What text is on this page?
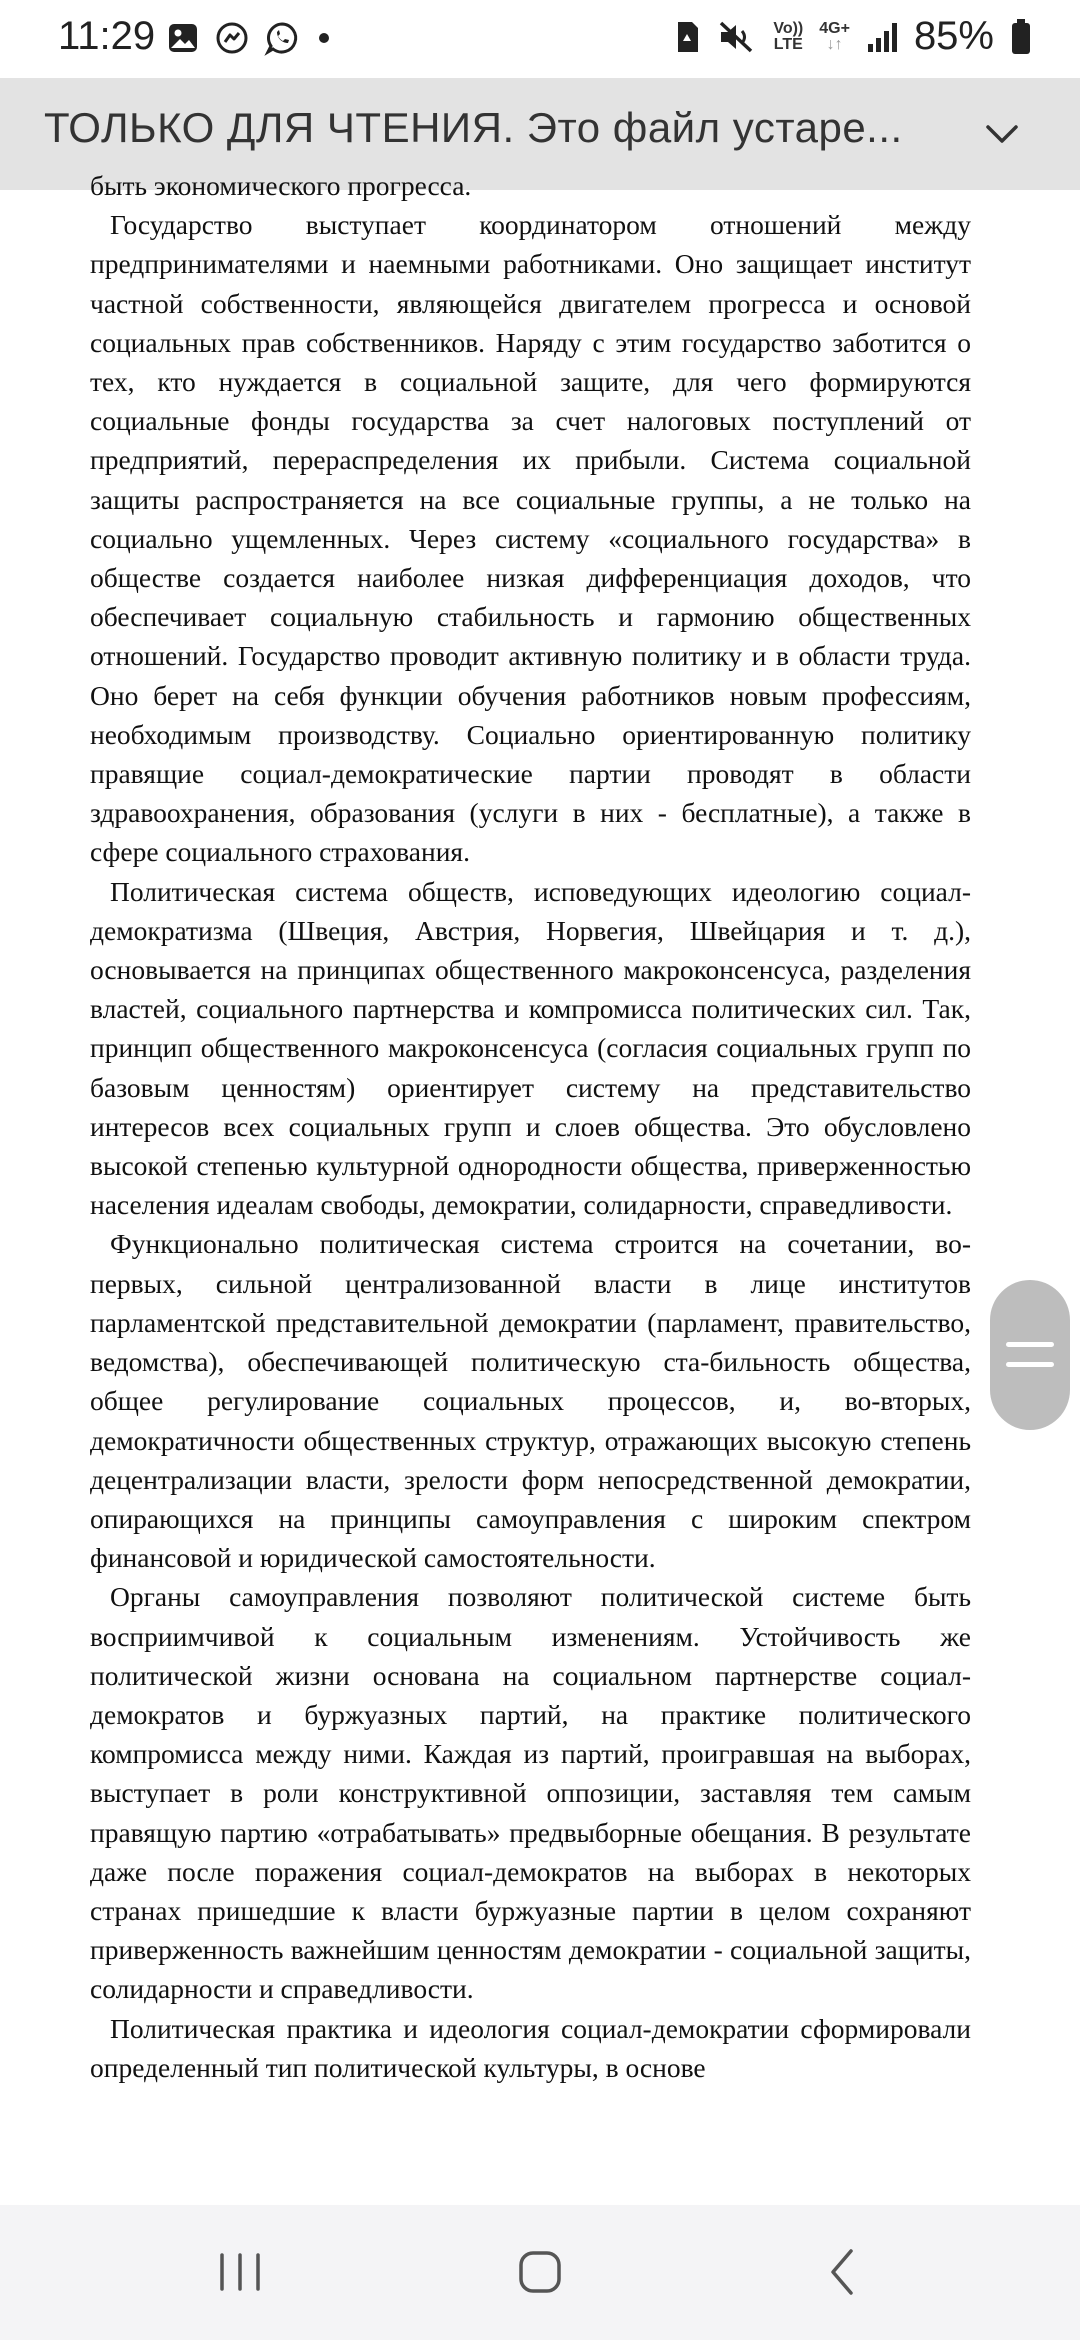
11:29	Vo))
LTE
4G+
↓↑ 85%
ТОЛЬКО ДЛЯ ЧТЕНИЯ. Это файл устаре...

быть экономического прогресса.

Государство выступает координатором отношений между предпринимателями и наемными работниками. Оно защищает институт частной собственности, являющейся двигателем прогресса и основой социальных прав собственников. Наряду с этим государство заботится о тех, кто нуждается в социальной защите, для чего формируются социальные фонды государства за счет налоговых поступлений от предприятий, перераспределения их прибыли. Система социальной защиты распространяется на все социальные группы, а не только на социально ущемленных. Через систему «социального государства» в обществе создается наиболее низкая дифференциация доходов, что обеспечивает социальную стабильность и гармонию общественных отношений. Государство проводит активную политику и в области труда. Оно берет на себя функции обучения работников новым профессиям, необходимым производству. Социально ориентированную политику правящие социал-демократические партии проводят в области здравоохранения, образования (услуги в них - бесплатные), а также в сфере социального страхования.

Политическая система обществ, исповедующих идеологию социал-демократизма (Швеция, Австрия, Норвегия, Швейцария и т. д.), основывается на принципах общественного макроконсенсуса, разделения властей, социального партнерства и компромисса политических сил. Так, принцип общественного макроконсенсуса (согласия социальных групп по базовым ценностям) ориентирует систему на представительство интересов всех социальных групп и слоев общества. Это обусловлено высокой степенью культурной однородности общества, приверженностью населения идеалам свободы, демократии, солидарности, справедливости.

Функционально политическая система строится на сочетании, во-первых, сильной централизованной власти в лице институтов парламентской представительной демократии (парламент, правительство, ведомства), обеспечивающей политическую ста-бильность общества, общее регулирование социальных процессов, и, во-вторых, демократичности общественных структур, отражающих высокую степень децентрализации власти, зрелости форм непосредственной демократии, опирающихся на принципы самоуправления с широким спектром финансовой и юридической самостоятельности.

Органы самоуправления позволяют политической системе быть восприимчивой к социальным изменениям. Устойчивость же политической жизни основана на социальном партнерстве социал-демократов и буржуазных партий, на практике политического компромисса между ними. Каждая из партий, проигравшая на выборах, выступает в роли конструктивной оппозиции, заставляя тем самым правящую партию «отрабатывать» предвыборные обещания. В результате даже после поражения социал-демократов на выборах в некоторых странах пришедшие к власти буржуазные партии в целом сохраняют приверженность важнейшим ценностям демократии - социальной защиты, солидарности и справедливости.

Политическая практика и идеология социал-демократии сформировали определенный тип политической культуры, в основе
